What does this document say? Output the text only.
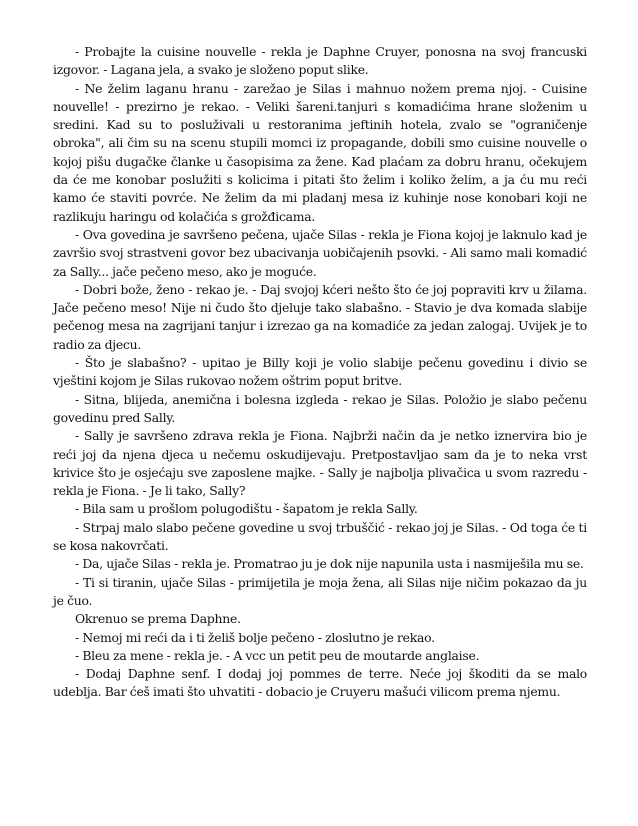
- Probajte la cuisine nouvelle - rekla je Daphne Cruyer, ponosna na svoj francuski izgovor. - Lagana jela, a svako je složeno poput slike.

- Ne želim laganu hranu - zarežao je Silas i mahnuo nožem prema njoj. - Cuisine nouvelle! - prezirno je rekao. - Veliki šareni.tanjuri s komadićima hrane složenim u sredini. Kad su to posluživali u restoranima jeftinih hotela, zvalo se "ograničenje obroka", ali čim su na scenu stupili momci iz propagande, dobili smo cuisine nouvelle o kojoj pišu dugačke članke u časopisima za žene. Kad plaćam za dobru hranu, očekujem da će me konobar poslužiti s kolicima i pitati što želim i koliko želim, a ja ću mu reći kamo će staviti povrće. Ne želim da mi pladanj mesa iz kuhinje nose konobari koji ne razlikuju haringu od kolačića s grožđicama.

- Ova govedina je savršeno pečena, ujače Silas - rekla je Fiona kojoj je laknulo kad je završio svoj strastveni govor bez ubacivanja uobičajenih psovki. - Ali samo mali komadić za Sally... jače pečeno meso, ako je moguće.

- Dobri bože, ženo - rekao je. - Daj svojoj kćeri nešto što će joj popraviti krv u žilama. Jače pečeno meso! Nije ni čudo što djeluje tako slabašno. - Stavio je dva komada slabije pečenog mesa na zagrijani tanjur i izrezao ga na komadiće za jedan zalogaj. Uvijek je to radio za djecu.

- Što je slabašno? - upitao je Billy koji je volio slabije pečenu govedinu i divio se vještini kojom je Silas rukovao nožem oštrim poput britve.

- Sitna, blijeda, anemična i bolesna izgleda - rekao je Silas. Položio je slabo pečenu govedinu pred Sally.

- Sally je savršeno zdrava rekla je Fiona. Najbrži način da je netko iznervira bio je reći joj da njena djeca u nečemu oskudijevaju. Pretpostavljao sam da je to neka vrst krivice što je osjećaju sve zaposlene majke. - Sally je najbolja plivačica u svom razredu - rekla je Fiona. - Je li tako, Sally?

- Bila sam u prošlom polugodištu - šapatom je rekla Sally.

- Strpaj malo slabo pečene govedine u svoj trbuščić - rekao joj je Silas. - Od toga će ti se kosa nakovrčati.

- Da, ujače Silas - rekla je. Promatrao ju je dok nije napunila usta i nasmiješila mu se.

- Ti si tiranin, ujače Silas - primijetila je moja žena, ali Silas nije ničim pokazao da ju je čuo.

Okrenuo se prema Daphne.

- Nemoj mi reći da i ti želiš bolje pečeno - zloslutno je rekao.

- Bleu za mene - rekla je. - A vcc un petit peu de moutarde anglaise.

- Dodaj Daphne senf. I dodaj joj pommes de terre. Neće joj škoditi da se malo udeblja. Bar ćeš imati što uhvatiti - dobacio je Cruyeru mašući vilicom prema njemu.
